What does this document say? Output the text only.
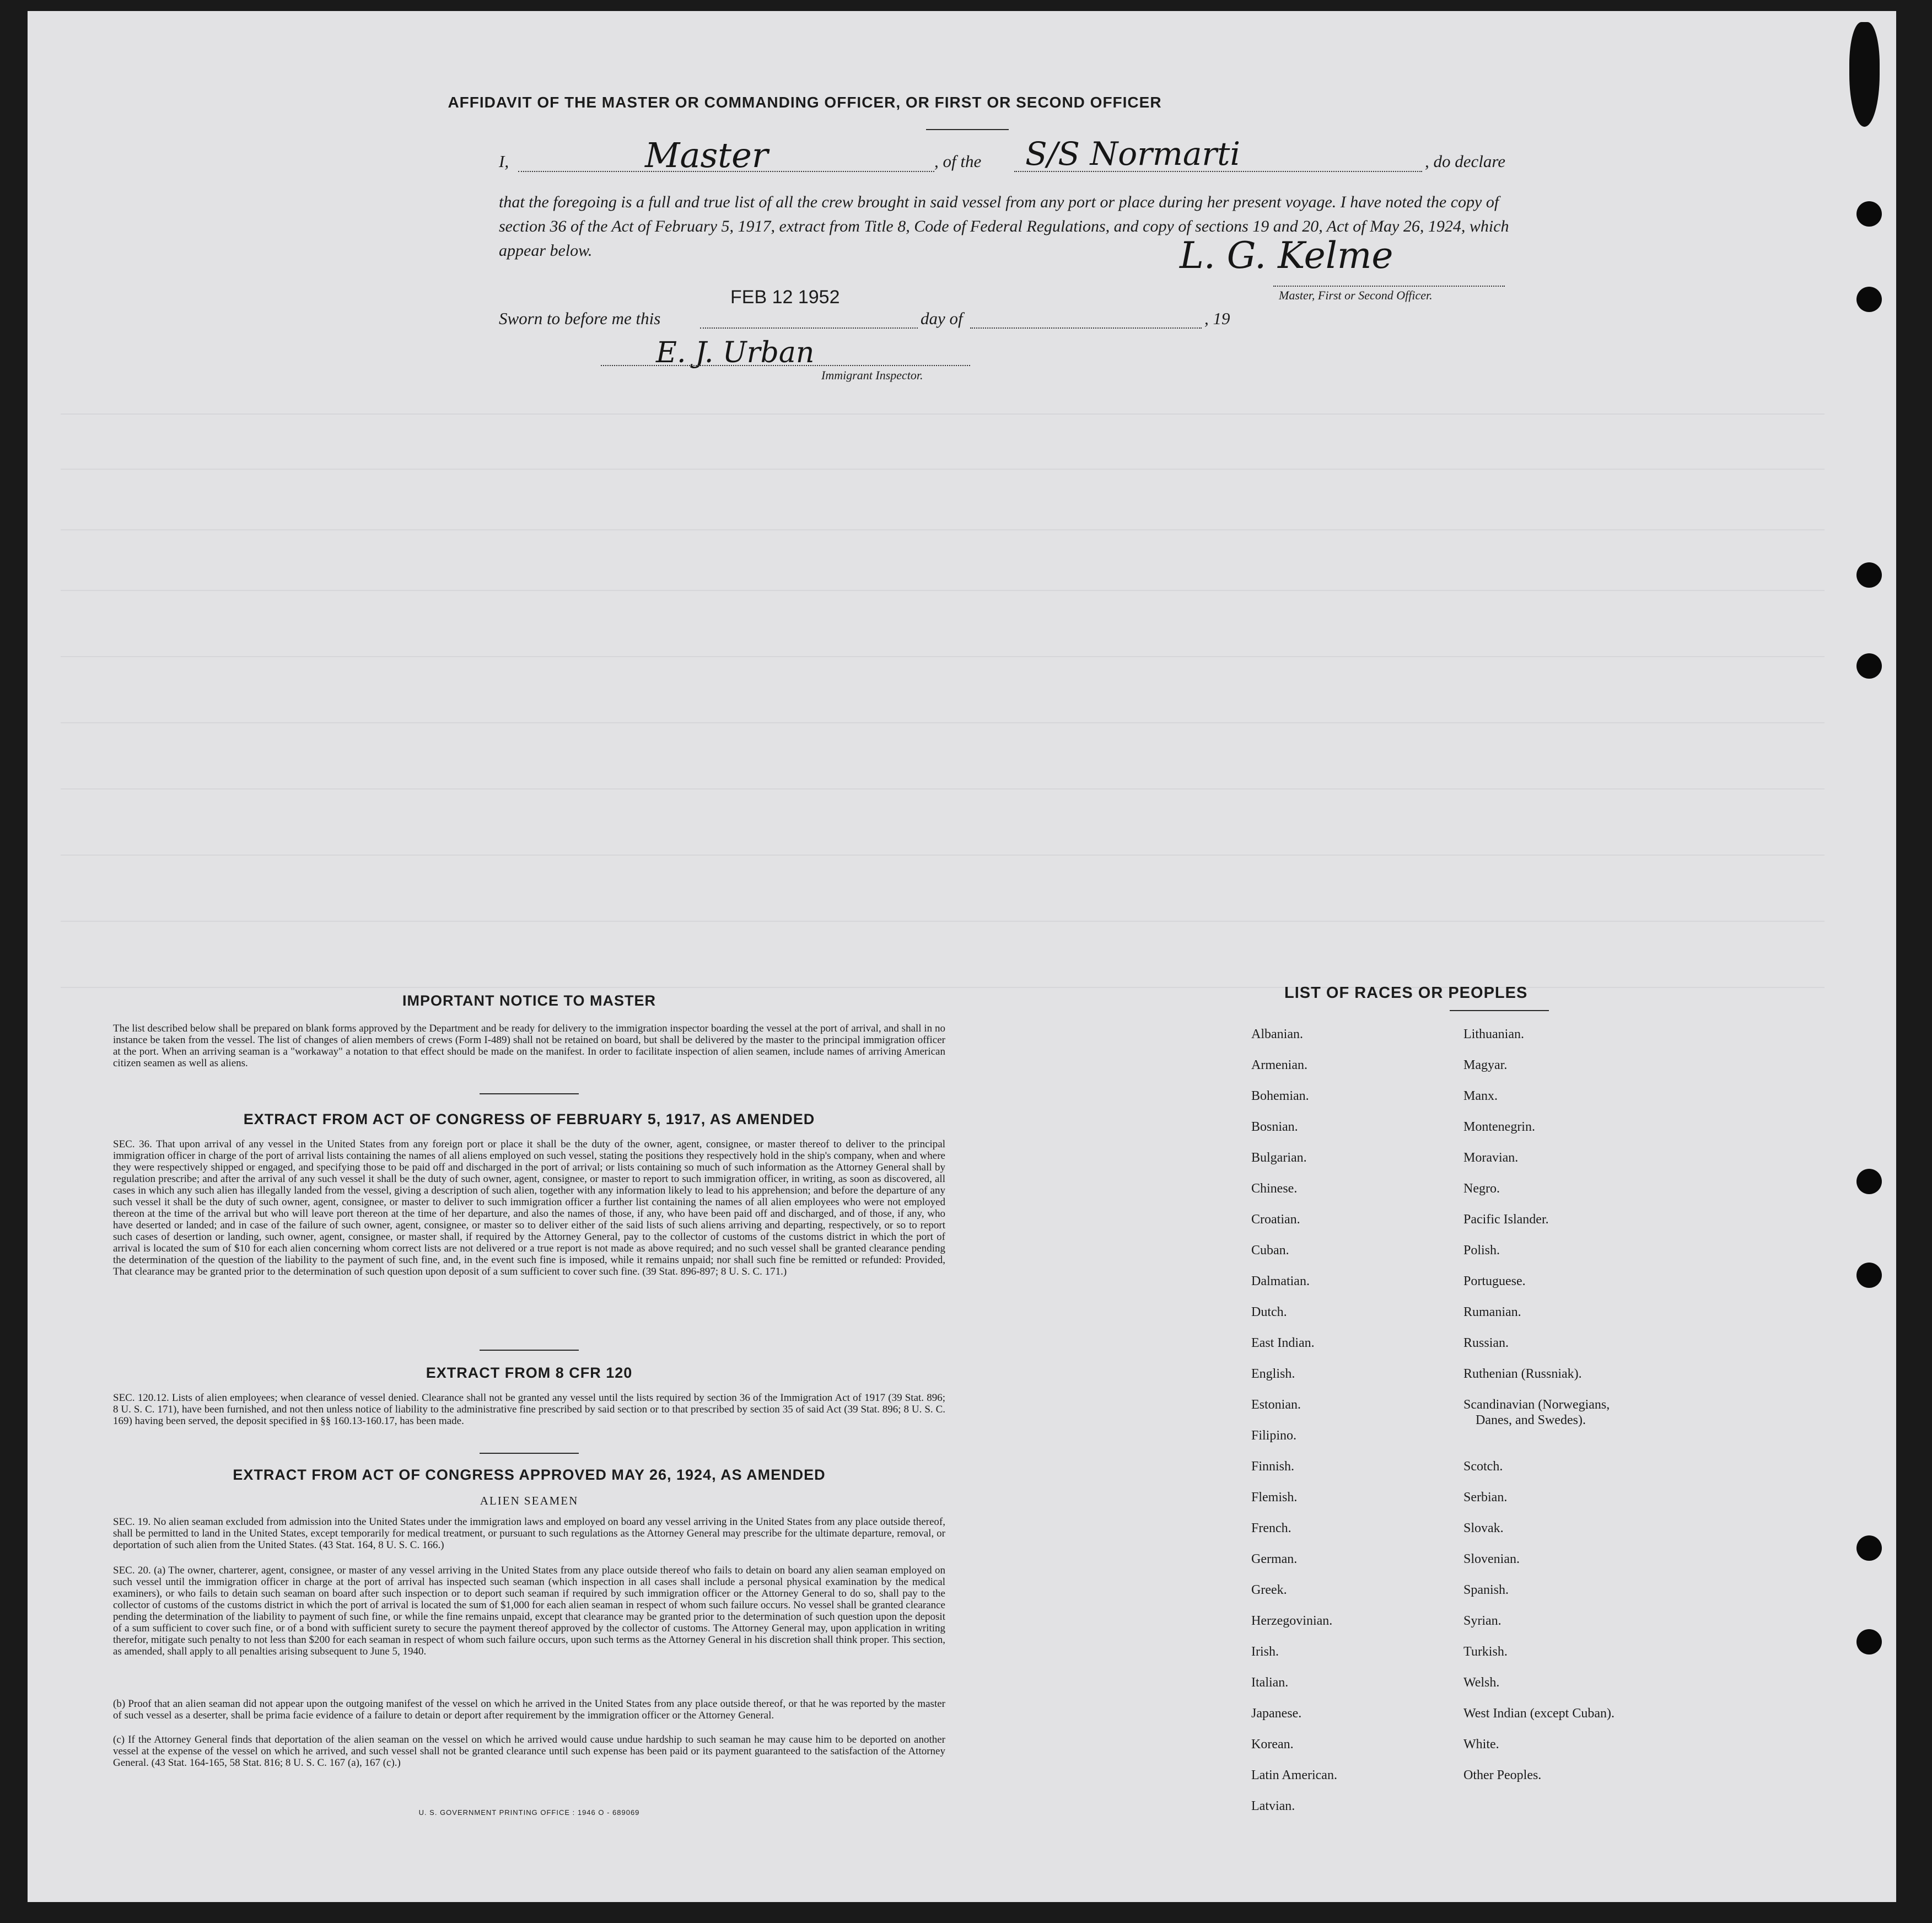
AFFIDAVIT OF THE MASTER OR COMMANDING OFFICER, OR FIRST OR SECOND OFFICER
I,	Master	, of the S/S Normarti	, do declare
that the foregoing is a full and true list of all the crew brought in said vessel from any port or place during her present voyage. I have noted the copy of section 36 of the Act of February 5, 1917, extract from Title 8, Code of Federal Regulations, and copy of sections 19 and 20, Act of May 26, 1924, which appear below.	L. G. Kelme
Master, First or Second Officer.
Sworn to before me this
FEB 12 1952
day of	, 19
E. J. Urban
Immigrant Inspector.
IMPORTANT NOTICE TO MASTER
The list described below shall be prepared on blank forms approved by the Department and be ready for delivery to the immigration inspector boarding the vessel at the port of arrival, and shall in no instance be taken from the vessel. The list of changes of alien members of crews (Form I-489) shall not be retained on board, but shall be delivered by the master to the principal immigration officer at the port. When an arriving seaman is a "workaway" a notation to that effect should be made on the manifest. In order to facilitate inspection of alien seamen, include names of arriving American citizen seamen as well as aliens.
EXTRACT FROM ACT OF CONGRESS OF FEBRUARY 5, 1917, AS AMENDED
SEC. 36. That upon arrival of any vessel in the United States from any foreign port or place it shall be the duty of the owner, agent, consignee, or master thereof to deliver to the principal immigration officer in charge of the port of arrival lists containing the names of all aliens employed on such vessel, stating the positions they respectively hold in the ship's company, when and where they were respectively shipped or engaged, and specifying those to be paid off and discharged in the port of arrival; or lists containing so much of such information as the Attorney General shall by regulation prescribe; and after the arrival of any such vessel it shall be the duty of such owner, agent, consignee, or master to report to such immigration officer, in writing, as soon as discovered, all cases in which any such alien has illegally landed from the vessel, giving a description of such alien, together with any information likely to lead to his apprehension; and before the departure of any such vessel it shall be the duty of such owner, agent, consignee, or master to deliver to such immigration officer a further list containing the names of all alien employees who were not employed thereon at the time of the arrival but who will leave port thereon at the time of her departure, and also the names of those, if any, who have been paid off and discharged, and of those, if any, who have deserted or landed; and in case of the failure of such owner, agent, consignee, or master so to deliver either of the said lists of such aliens arriving and departing, respectively, or so to report such cases of desertion or landing, such owner, agent, consignee, or master shall, if required by the Attorney General, pay to the collector of customs of the customs district in which the port of arrival is located the sum of $10 for each alien concerning whom correct lists are not delivered or a true report is not made as above required; and no such vessel shall be granted clearance pending the determination of the question of the liability to the payment of such fine, and, in the event such fine is imposed, while it remains unpaid; nor shall such fine be remitted or refunded: Provided, That clearance may be granted prior to the determination of such question upon deposit of a sum sufficient to cover such fine. (39 Stat. 896-897; 8 U. S. C. 171.)
EXTRACT FROM 8 CFR 120
SEC. 120.12. Lists of alien employees; when clearance of vessel denied. Clearance shall not be granted any vessel until the lists required by section 36 of the Immigration Act of 1917 (39 Stat. 896; 8 U. S. C. 171), have been furnished, and not then unless notice of liability to the administrative fine prescribed by said section or to that prescribed by section 35 of said Act (39 Stat. 896; 8 U. S. C. 169) having been served, the deposit specified in §§ 160.13-160.17, has been made.
EXTRACT FROM ACT OF CONGRESS APPROVED MAY 26, 1924, AS AMENDED
ALIEN SEAMEN
SEC. 19. No alien seaman excluded from admission into the United States under the immigration laws and employed on board any vessel arriving in the United States from any place outside thereof, shall be permitted to land in the United States, except temporarily for medical treatment, or pursuant to such regulations as the Attorney General may prescribe for the ultimate departure, removal, or deportation of such alien from the United States. (43 Stat. 164, 8 U. S. C. 166.)
SEC. 20. (a) The owner, charterer, agent, consignee, or master of any vessel arriving in the United States from any place outside thereof who fails to detain on board any alien seaman employed on such vessel until the immigration officer in charge at the port of arrival has inspected such seaman (which inspection in all cases shall include a personal physical examination by the medical examiners), or who fails to detain such seaman on board after such inspection or to deport such seaman if required by such immigration officer or the Attorney General to do so, shall pay to the collector of customs of the customs district in which the port of arrival is located the sum of $1,000 for each alien seaman in respect of whom such failure occurs. No vessel shall be granted clearance pending the determination of the liability to payment of such fine, or while the fine remains unpaid, except that clearance may be granted prior to the determination of such question upon the deposit of a sum sufficient to cover such fine, or of a bond with sufficient surety to secure the payment thereof approved by the collector of customs. The Attorney General may, upon application in writing therefor, mitigate such penalty to not less than $200 for each seaman in respect of whom such failure occurs, upon such terms as the Attorney General in his discretion shall think proper. This section, as amended, shall apply to all penalties arising subsequent to June 5, 1940.
(b) Proof that an alien seaman did not appear upon the outgoing manifest of the vessel on which he arrived in the United States from any place outside thereof, or that he was reported by the master of such vessel as a deserter, shall be prima facie evidence of a failure to detain or deport after requirement by the immigration officer or the Attorney General.
(c) If the Attorney General finds that deportation of the alien seaman on the vessel on which he arrived would cause undue hardship to such seaman he may cause him to be deported on another vessel at the expense of the vessel on which he arrived, and such vessel shall not be granted clearance until such expense has been paid or its payment guaranteed to the satisfaction of the Attorney General. (43 Stat. 164-165, 58 Stat. 816; 8 U. S. C. 167 (a), 167 (c).)
U. S. GOVERNMENT PRINTING OFFICE : 1946 O - 689069
LIST OF RACES OR PEOPLES
Albanian.
Armenian.
Bohemian.
Bosnian.
Bulgarian.
Chinese.
Croatian.
Cuban.
Dalmatian.
Dutch.
East Indian.
English.
Estonian.
Filipino.
Finnish.
Flemish.
French.
German.
Greek.
Herzegovinian.
Irish.
Italian.
Japanese.
Korean.
Latin American.
Latvian.
Lithuanian.
Magyar.
Manx.
Montenegrin.
Moravian.
Negro.
Pacific Islander.
Polish.
Portuguese.
Rumanian.
Russian.
Ruthenian (Russniak).
Scandinavian (Norwegians,
Danes, and Swedes).
Scotch.
Serbian.
Slovak.
Slovenian.
Spanish.
Syrian.
Turkish.
Welsh.
West Indian (except Cuban).
White.
Other Peoples.
